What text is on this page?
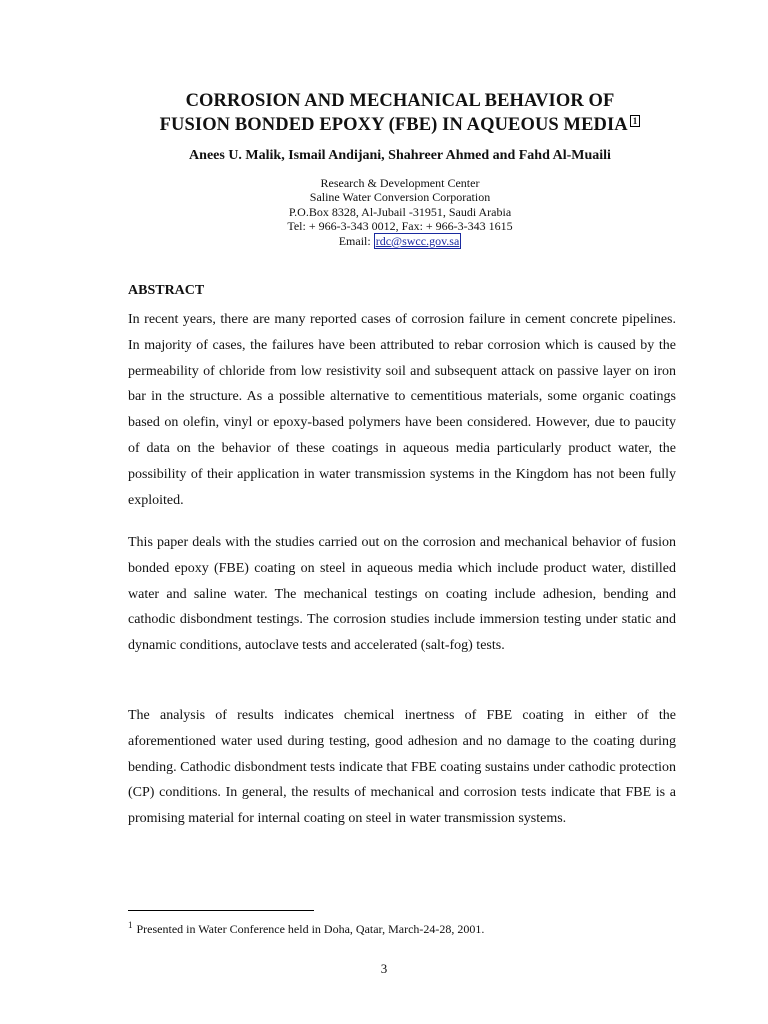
CORROSION AND MECHANICAL BEHAVIOR OF
FUSION BONDED EPOXY (FBE) IN AQUEOUS MEDIA 1
Anees U. Malik, Ismail Andijani, Shahreer Ahmed and Fahd Al-Muaili
Research & Development Center
Saline Water Conversion Corporation
P.O.Box 8328, Al-Jubail -31951, Saudi Arabia
Tel: + 966-3-343 0012, Fax: + 966-3-343 1615
Email: rdc@swcc.gov.sa
ABSTRACT
In recent years, there are many reported cases of corrosion failure in cement concrete pipelines. In majority of cases, the failures have been attributed to rebar corrosion which is caused by the permeability of chloride from low resistivity soil and subsequent attack on passive layer on iron bar in the structure. As a possible alternative to cementitious materials, some organic coatings based on olefin, vinyl or epoxy-based polymers have been considered. However, due to paucity of data on the behavior of these coatings in aqueous media particularly product water, the possibility of their application in water transmission systems in the Kingdom has not been fully exploited.
This paper deals with the studies carried out on the corrosion and mechanical behavior of fusion bonded epoxy (FBE) coating on steel in aqueous media which include product water, distilled water and saline water. The mechanical testings on coating include adhesion, bending and cathodic disbondment testings. The corrosion studies include immersion testing under static and dynamic conditions, autoclave tests and accelerated (salt-fog) tests.
The analysis of results indicates chemical inertness of FBE coating in either of the aforementioned water used during testing, good adhesion and no damage to the coating during bending. Cathodic disbondment tests indicate that FBE coating sustains under cathodic protection (CP) conditions. In general, the results of mechanical and corrosion tests indicate that FBE is a promising material for internal coating on steel in water transmission systems.
$^1$ Presented in Water Conference held in Doha, Qatar, March-24-28, 2001.
3
